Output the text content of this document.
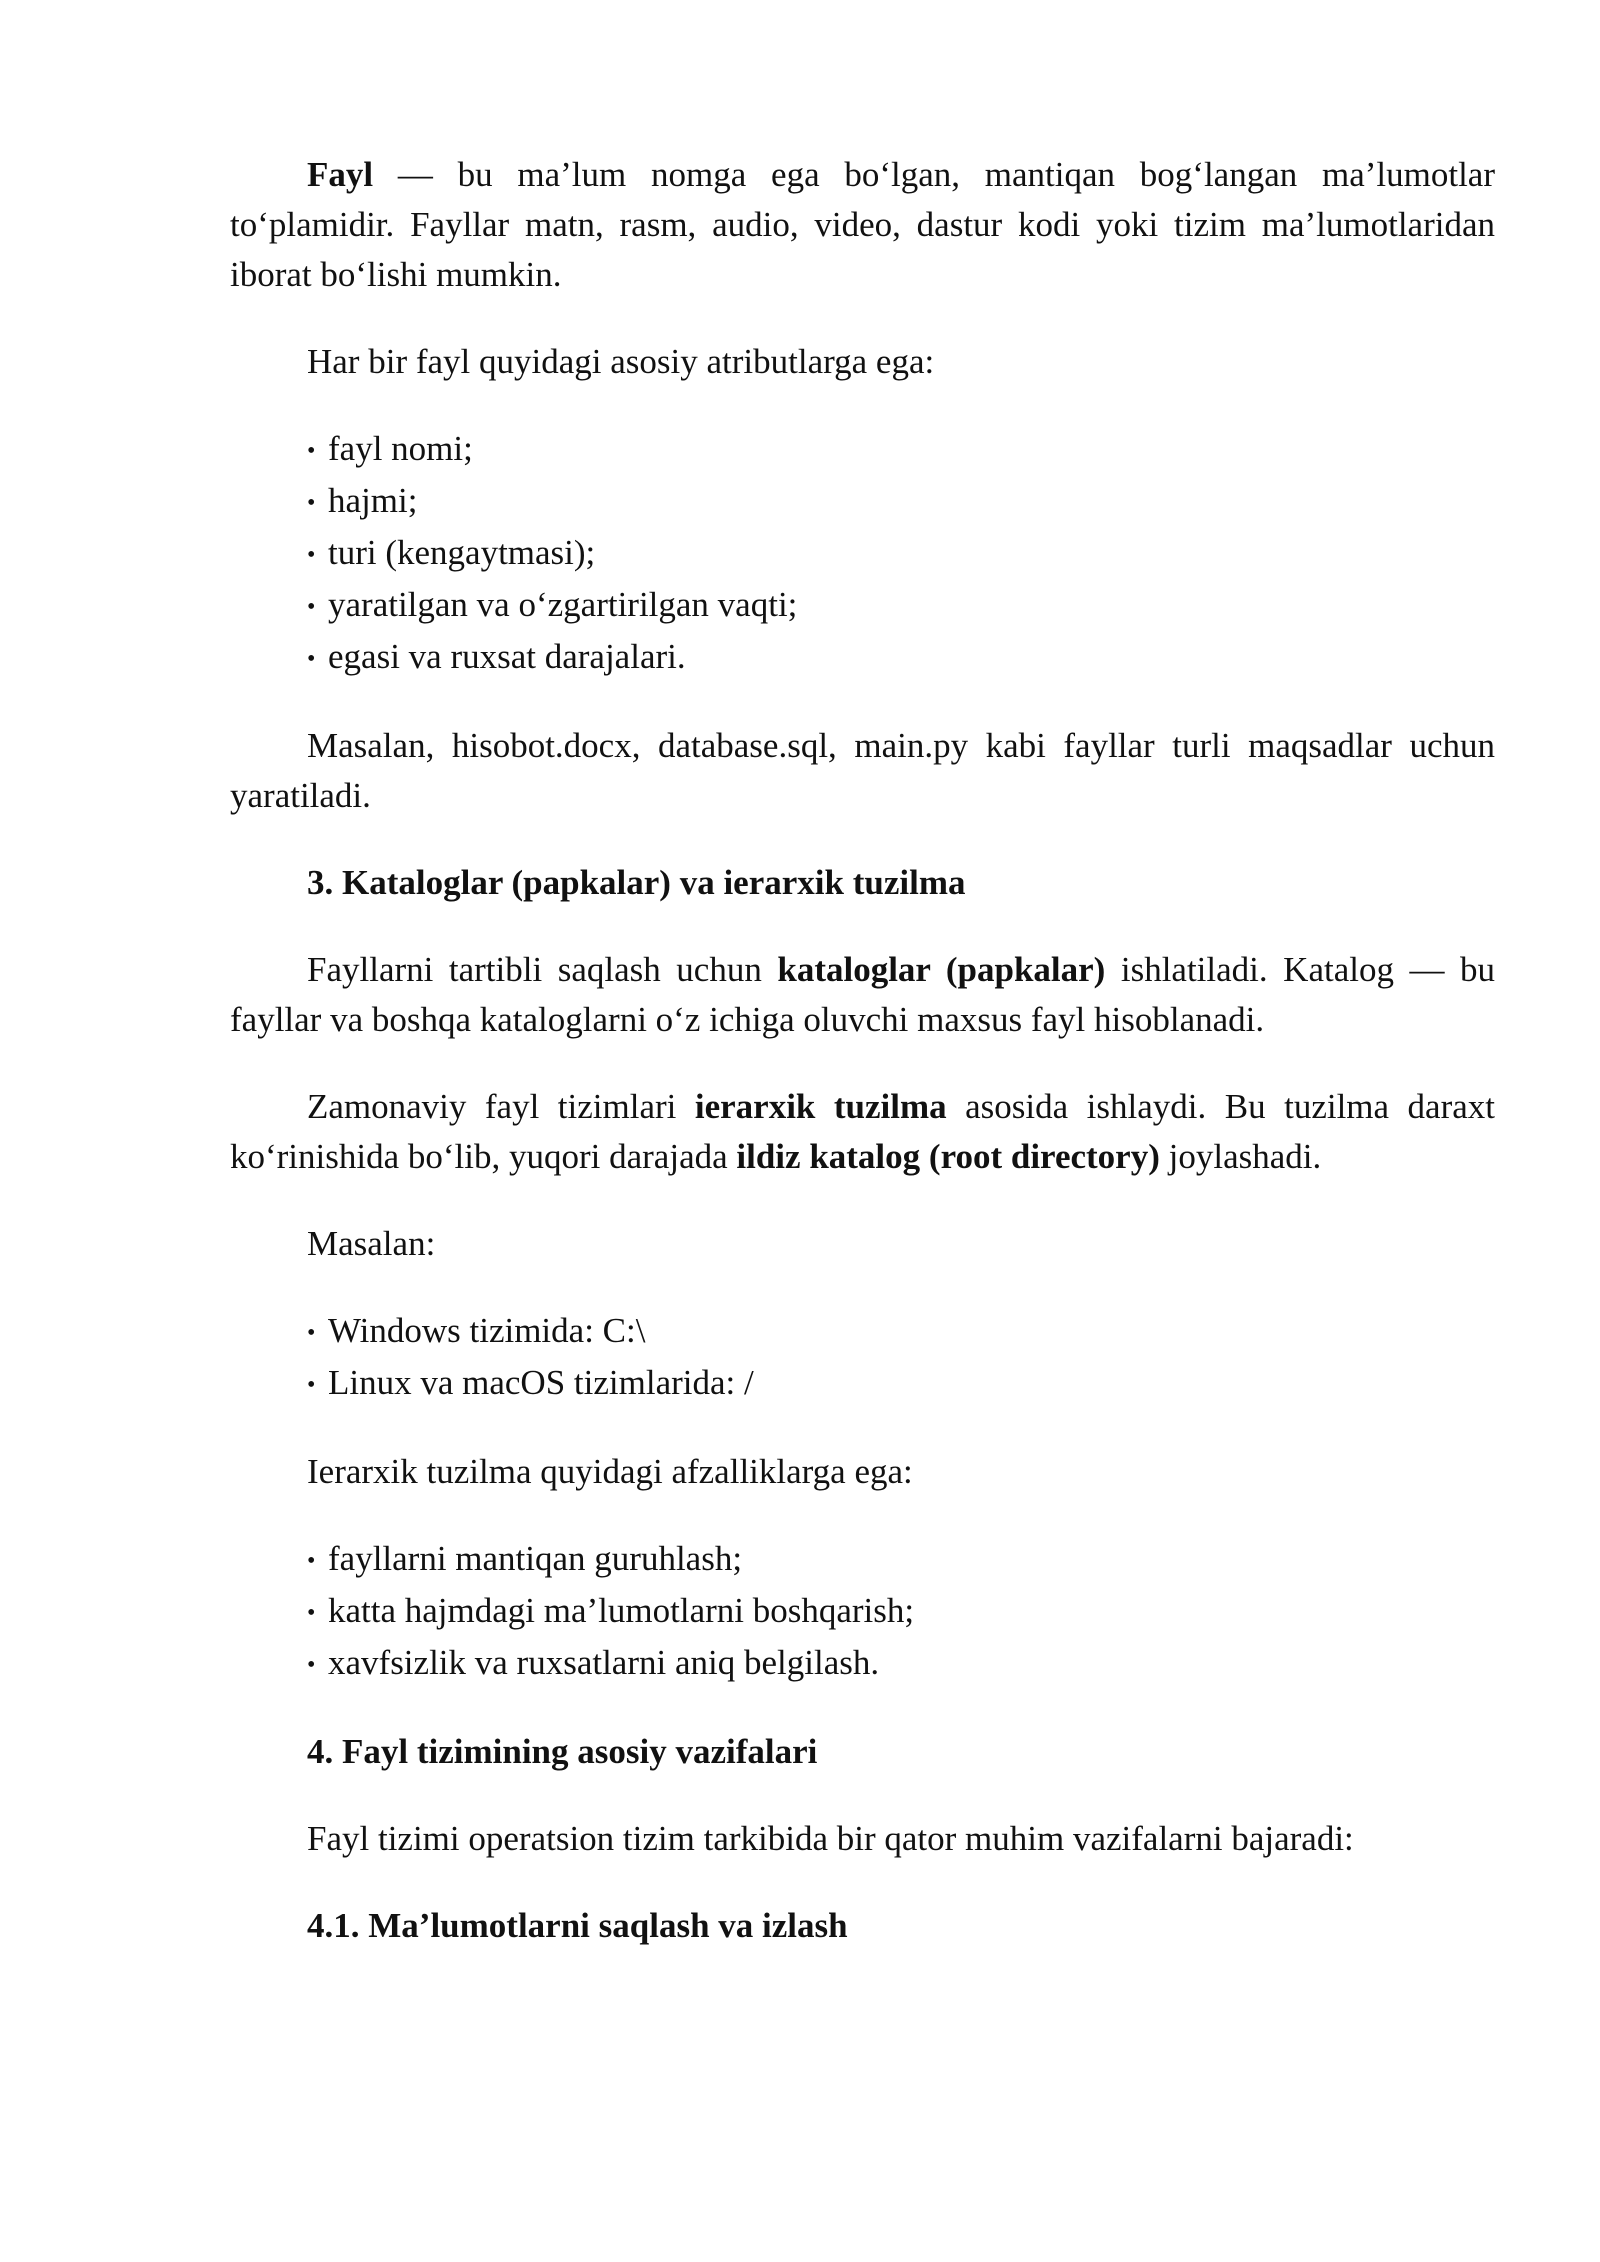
Fayl — bu ma’lum nomga ega bo‘lgan, mantiqan bog‘langan ma’lumotlar to‘plamidir. Fayllar matn, rasm, audio, video, dastur kodi yoki tizim ma’lumotlaridan iborat bo‘lishi mumkin.

Har bir fayl quyidagi asosiy atributlarga ega:

• fayl nomi;
• hajmi;
• turi (kengaytmasi);
• yaratilgan va o‘zgartirilgan vaqti;
• egasi va ruxsat darajalari.

Masalan, hisobot.docx, database.sql, main.py kabi fayllar turli maqsadlar uchun yaratiladi.

3. Kataloglar (papkalar) va ierarxik tuzilma

Fayllarni tartibli saqlash uchun kataloglar (papkalar) ishlatiladi. Katalog — bu fayllar va boshqa kataloglarni o‘z ichiga oluvchi maxsus fayl hisoblanadi.

Zamonaviy fayl tizimlari ierarxik tuzilma asosida ishlaydi. Bu tuzilma daraxt ko‘rinishida bo‘lib, yuqori darajada ildiz katalog (root directory) joylashadi.

Masalan:

• Windows tizimida: C:\
• Linux va macOS tizimlarida: /

Ierarxik tuzilma quyidagi afzalliklarga ega:

• fayllarni mantiqan guruhlash;
• katta hajmdagi ma’lumotlarni boshqarish;
• xavfsizlik va ruxsatlarni aniq belgilash.

4. Fayl tizimining asosiy vazifalari

Fayl tizimi operatsion tizim tarkibida bir qator muhim vazifalarni bajaradi:

4.1. Ma’lumotlarni saqlash va izlash
